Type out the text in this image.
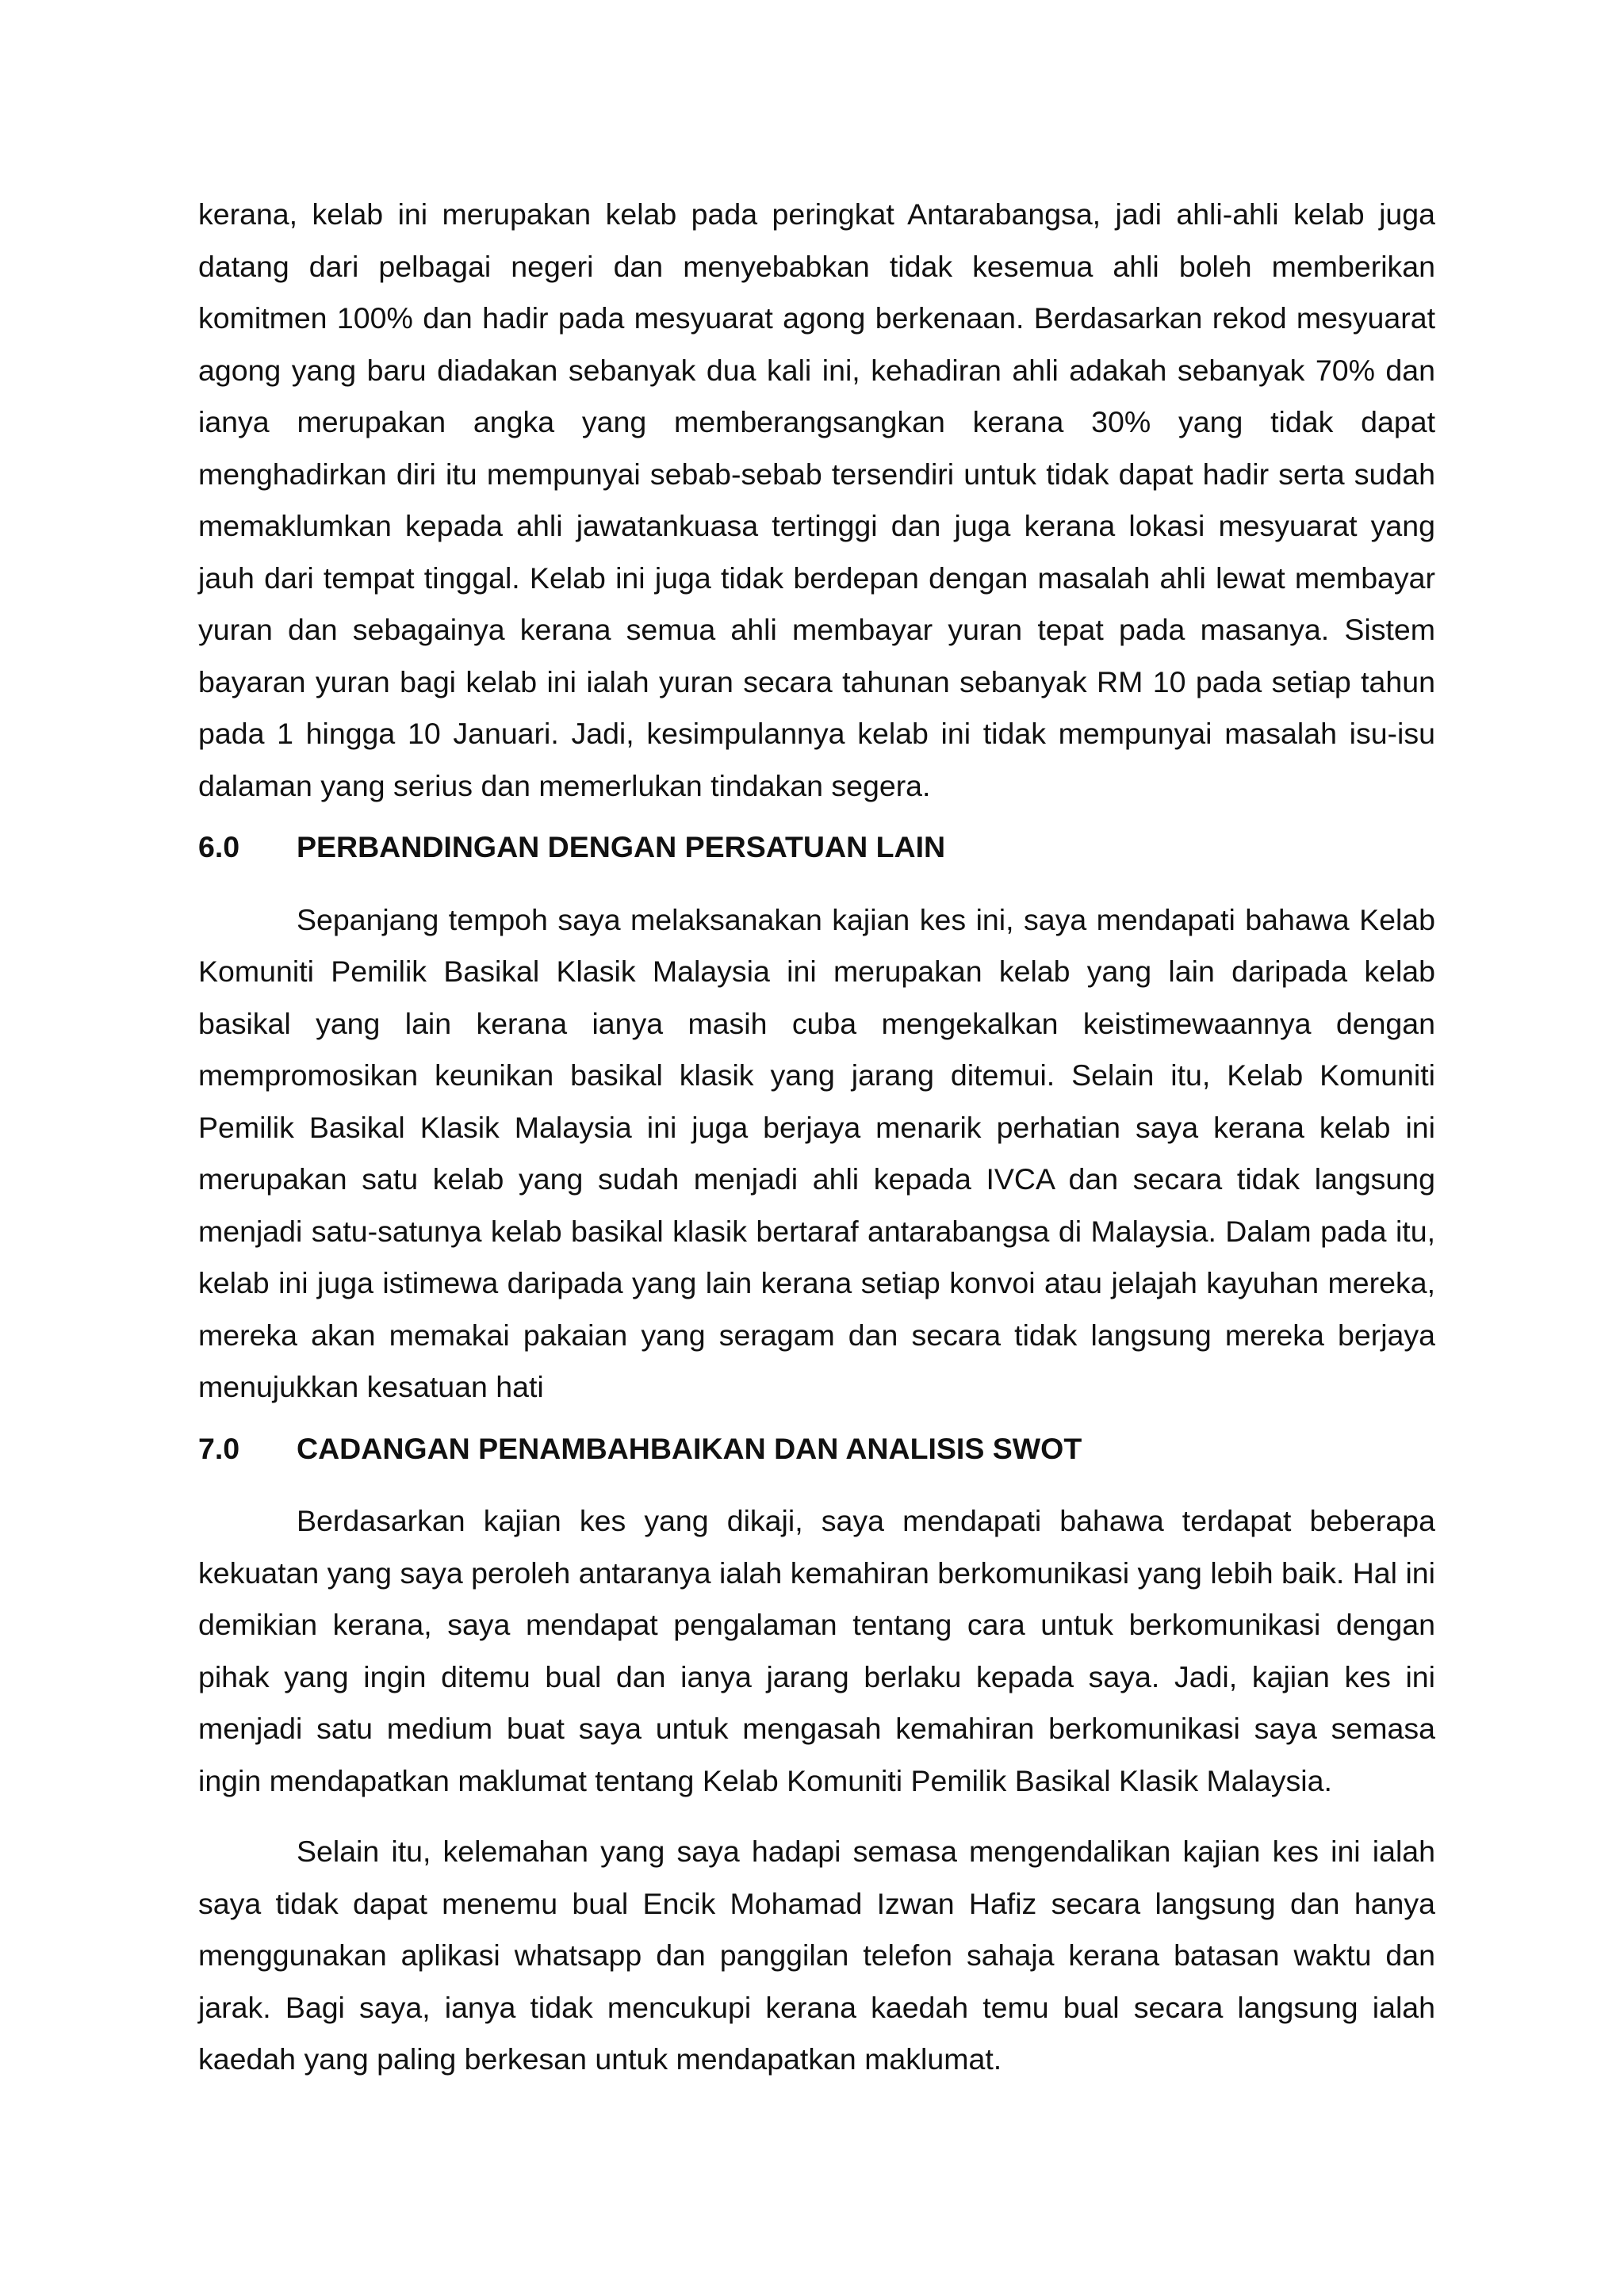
kerana, kelab ini merupakan kelab pada peringkat Antarabangsa, jadi ahli-ahli kelab juga datang dari pelbagai negeri dan menyebabkan tidak kesemua ahli boleh memberikan komitmen 100% dan hadir pada mesyuarat agong berkenaan. Berdasarkan rekod mesyuarat agong yang baru diadakan sebanyak dua kali ini, kehadiran ahli adakah sebanyak 70% dan ianya merupakan angka yang memberangsangkan kerana 30% yang tidak dapat menghadirkan diri itu mempunyai sebab-sebab tersendiri untuk tidak dapat hadir serta sudah memaklumkan kepada ahli jawatankuasa tertinggi dan juga kerana lokasi mesyuarat yang jauh dari tempat tinggal. Kelab ini juga tidak berdepan dengan masalah ahli lewat membayar yuran dan sebagainya kerana semua ahli membayar yuran tepat pada masanya. Sistem bayaran yuran bagi kelab ini ialah yuran secara tahunan sebanyak RM 10 pada setiap tahun pada 1 hingga 10 Januari. Jadi, kesimpulannya kelab ini tidak mempunyai masalah isu-isu dalaman yang serius dan memerlukan tindakan segera.

6.0	PERBANDINGAN DENGAN PERSATUAN LAIN

Sepanjang tempoh saya melaksanakan kajian kes ini, saya mendapati bahawa Kelab Komuniti Pemilik Basikal Klasik Malaysia ini merupakan kelab yang lain daripada kelab basikal yang lain kerana ianya masih cuba mengekalkan keistimewaannya dengan mempromosikan keunikan basikal klasik yang jarang ditemui. Selain itu, Kelab Komuniti Pemilik Basikal Klasik Malaysia ini juga berjaya menarik perhatian saya kerana kelab ini merupakan satu kelab yang sudah menjadi ahli kepada IVCA dan secara tidak langsung menjadi satu-satunya kelab basikal klasik bertaraf antarabangsa di Malaysia. Dalam pada itu, kelab ini juga istimewa daripada yang lain kerana setiap konvoi atau jelajah kayuhan mereka, mereka akan memakai pakaian yang seragam dan secara tidak langsung mereka berjaya menujukkan kesatuan hati

7.0	CADANGAN PENAMBAHBAIKAN DAN ANALISIS SWOT

Berdasarkan kajian kes yang dikaji, saya mendapati bahawa terdapat beberapa kekuatan yang saya peroleh antaranya ialah kemahiran berkomunikasi yang lebih baik. Hal ini demikian kerana, saya mendapat pengalaman tentang cara untuk berkomunikasi dengan pihak yang ingin ditemu bual dan ianya jarang berlaku kepada saya. Jadi, kajian kes ini menjadi satu medium buat saya untuk mengasah kemahiran berkomunikasi saya semasa ingin mendapatkan maklumat tentang Kelab Komuniti Pemilik Basikal Klasik Malaysia.

Selain itu, kelemahan yang saya hadapi semasa mengendalikan kajian kes ini ialah saya tidak dapat menemu bual Encik Mohamad Izwan Hafiz secara langsung dan hanya menggunakan aplikasi whatsapp dan panggilan telefon sahaja kerana batasan waktu dan jarak. Bagi saya, ianya tidak mencukupi kerana kaedah temu bual secara langsung ialah kaedah yang paling berkesan untuk mendapatkan maklumat.
